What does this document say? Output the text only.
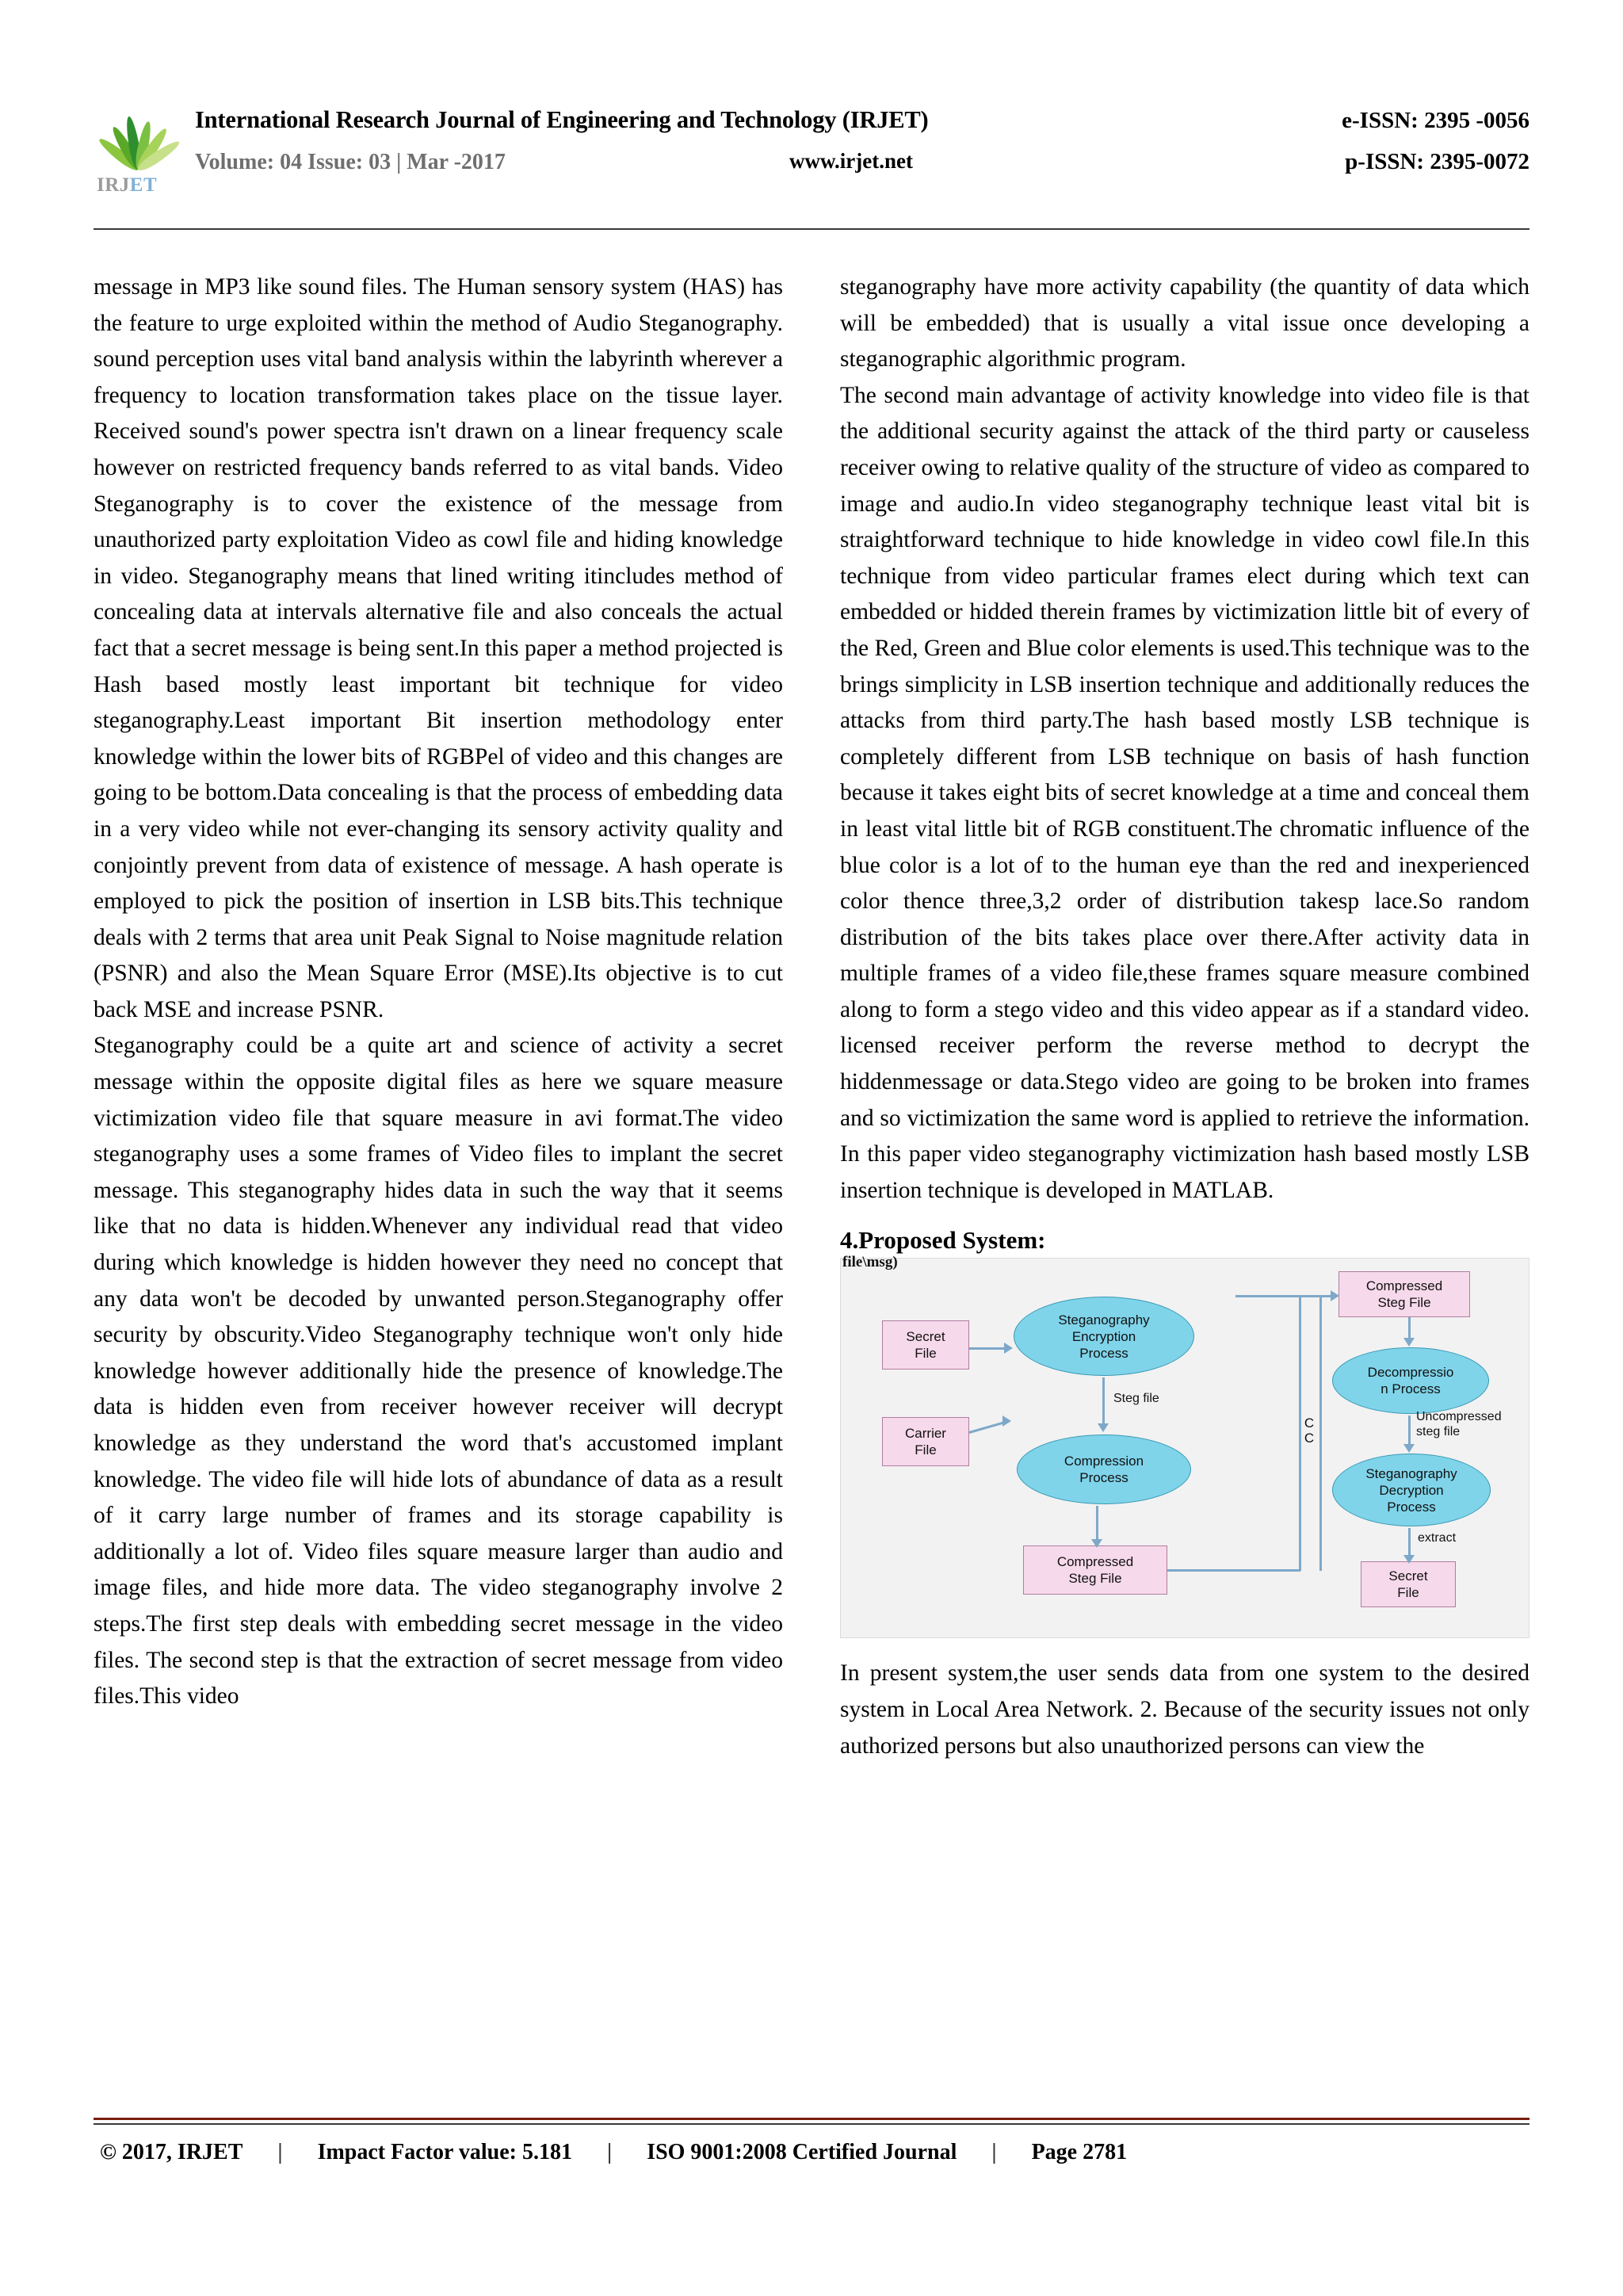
IRJET
International Research Journal of Engineering and Technology (IRJET)	e-ISSN: 2395 -0056
Volume: 04 Issue: 03 | Mar -2017	www.irjet.net	p-ISSN: 2395-0072

message in MP3 like sound files. The Human sensory system (HAS) has the feature to urge exploited within the method of Audio Steganography. sound perception uses vital band analysis within the labyrinth wherever a frequency to location transformation takes place on the tissue layer. Received sound's power spectra isn't drawn on a linear frequency scale however on restricted frequency bands referred to as vital bands. Video Steganography is to cover the existence of the message from unauthorized party exploitation Video as cowl file and hiding knowledge in video. Steganography means that lined writing itincludes method of concealing data at intervals alternative file and also conceals the actual fact that a secret message is being sent.In this paper a method projected is Hash based mostly least important bit technique for video steganography.Least important Bit insertion methodology enter knowledge within the lower bits of RGBPel of video and this changes are going to be bottom.Data concealing is that the process of embedding data in a very video while not ever-changing its sensory activity quality and conjointly prevent from data of existence of message. A hash operate is employed to pick the position of insertion in LSB bits.This technique deals with 2 terms that area unit Peak Signal to Noise magnitude relation (PSNR) and also the Mean Square Error (MSE).Its objective is to cut back MSE and increase PSNR.

Steganography could be a quite art and science of activity a secret message within the opposite digital files as here we square measure victimization video file that square measure in avi format.The video steganography uses a some frames of Video files to implant the secret message. This steganography hides data in such the way that it seems like that no data is hidden.Whenever any individual read that video during which knowledge is hidden however they need no concept that any data won't be decoded by unwanted person.Steganography offer security by obscurity.Video Steganography technique won't only hide knowledge however additionally hide the presence of knowledge.The data is hidden even from receiver however receiver will decrypt knowledge as they understand the word that's accustomed implant knowledge. The video file will hide lots of abundance of data as a result of it carry large number of frames and its storage capability is additionally a lot of. Video files square measure larger than audio and image files, and hide more data. The video steganography involve 2 steps.The first step deals with embedding secret message in the video files. The second step is that the extraction of secret message from video files.This video

steganography have more activity capability (the quantity of data which will be embedded) that is usually a vital issue once developing a steganographic algorithmic program.

The second main advantage of activity knowledge into video file is that the additional security against the attack of the third party or causeless receiver owing to relative quality of the structure of video as compared to image and audio.In video steganography technique least vital bit is straightforward technique to hide knowledge in video cowl file.In this technique from video particular frames elect during which text can embedded or hidded therein frames by victimization little bit of every of the Red, Green and Blue color elements is used.This technique was to the brings simplicity in LSB insertion technique and additionally reduces the attacks from third party.The hash based mostly LSB technique is completely different from LSB technique on basis of hash function because it takes eight bits of secret knowledge at a time and conceal them in least vital little bit of RGB constituent.The chromatic influence of the blue color is a lot of to the human eye than the red and inexperienced color thence three,3,2 order of distribution takesp lace.So random distribution of the bits takes place over there.After activity data in multiple frames of a video file,these frames square measure combined along to form a stego video and this video appear as if a standard video. licensed receiver perform the reverse method to decrypt the hiddenmessage or data.Stego video are going to be broken into frames and so victimization the same word is applied to retrieve the information. In this paper video steganography victimization hash based mostly LSB insertion technique is developed in MATLAB.

4.Proposed System:
file\msg)
Secret
File
Carrier
File
Steganography
Encryption
Process
Compression
Process
Compressed
Steg File
Compressed
Steg File
Decompressio
n Process
Steganography
Decryption
Process
Secret
File
Steg file
C
C
Uncompressed
steg file
extract

In present system,the user sends data from one system to the desired system in Local Area Network. 2. Because of the security issues not only authorized persons but also unauthorized persons can view the

© 2017, IRJET	|	Impact Factor value: 5.181	|	ISO 9001:2008 Certified Journal	|	Page 2781
